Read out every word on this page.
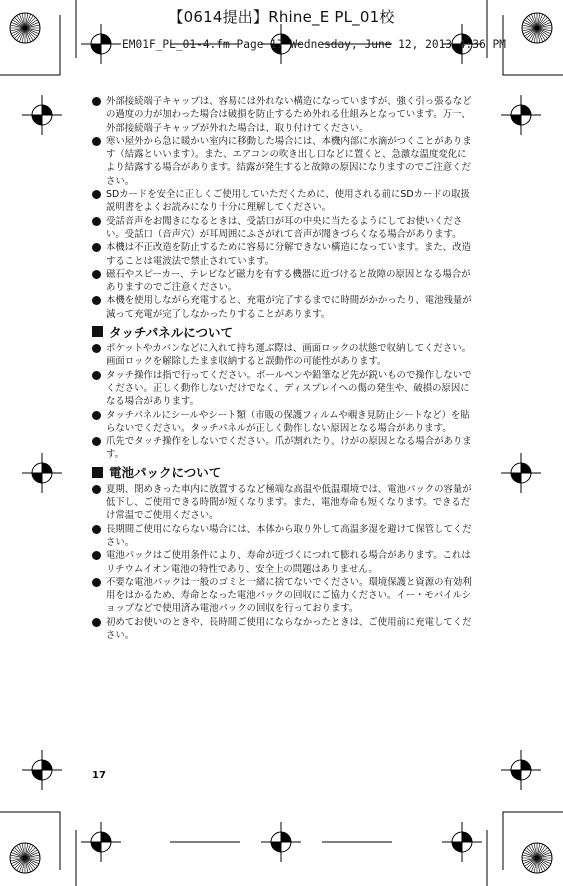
【0614提出】Rhine_E PL_01校
EM01F_PL_01-4.fm Page 17 Wednesday, June 12, 2013 4:36 PM

外部接続端子キャップは、容易には外れない構造になっていますが、強く引っ張るなどの過度の力が加わった場合は破損を防止するため外れる仕組みとなっています。万一、外部接続端子キャップが外れた場合は、取り付けてください。

寒い屋外から急に暖かい室内に移動した場合には、本機内部に水滴がつくことがあります（結露といいます）。また、エアコンの吹き出し口などに置くと、急激な温度変化により結露する場合があります。結露が発生すると故障の原因になりますのでご注意ください。

SDカードを安全に正しくご使用していただくために、使用される前にSDカードの取扱説明書をよくお読みになり十分に理解してください。

受話音声をお聞きになるときは、受話口が耳の中央に当たるようにしてお使いください。受話口（音声穴）が耳周囲にふさがれて音声が聞きづらくなる場合があります。

本機は不正改造を防止するために容易に分解できない構造になっています。また、改造することは電波法で禁止されています。

磁石やスピーカー、テレビなど磁力を有する機器に近づけると故障の原因となる場合がありますのでご注意ください。

本機を使用しながら充電すると、充電が完了するまでに時間がかかったり、電池残量が減って充電が完了しなかったりすることがあります。

タッチパネルについて

ポケットやカバンなどに入れて持ち運ぶ際は、画面ロックの状態で収納してください。画面ロックを解除したまま収納すると誤動作の可能性があります。

タッチ操作は指で行ってください。ボールペンや鉛筆など先が鋭いもので操作しないでください。正しく動作しないだけでなく、ディスプレイへの傷の発生や、破損の原因になる場合があります。

タッチパネルにシールやシート類（市販の保護フィルムや覗き見防止シートなど）を貼らないでください。タッチパネルが正しく動作しない原因となる場合があります。

爪先でタッチ操作をしないでください。爪が割れたり、けがの原因となる場合があります。

電池パックについて

夏期、閉めきった車内に放置するなど極端な高温や低温環境では、電池パックの容量が低下し、ご使用できる時間が短くなります。また、電池寿命も短くなります。できるだけ常温でご使用ください。

長期間ご使用にならない場合には、本体から取り外して高温多湿を避けて保管してください。

電池パックはご使用条件により、寿命が近づくにつれて膨れる場合があります。これはリチウムイオン電池の特性であり、安全上の問題はありません。

不要な電池パックは一般のゴミと一緒に捨てないでください。環境保護と資源の有効利用をはかるため、寿命となった電池パックの回収にご協力ください。イー・モバイルショップなどで使用済み電池パックの回収を行っております。

初めてお使いのときや、長時間ご使用にならなかったときは、ご使用前に充電してください。

17
